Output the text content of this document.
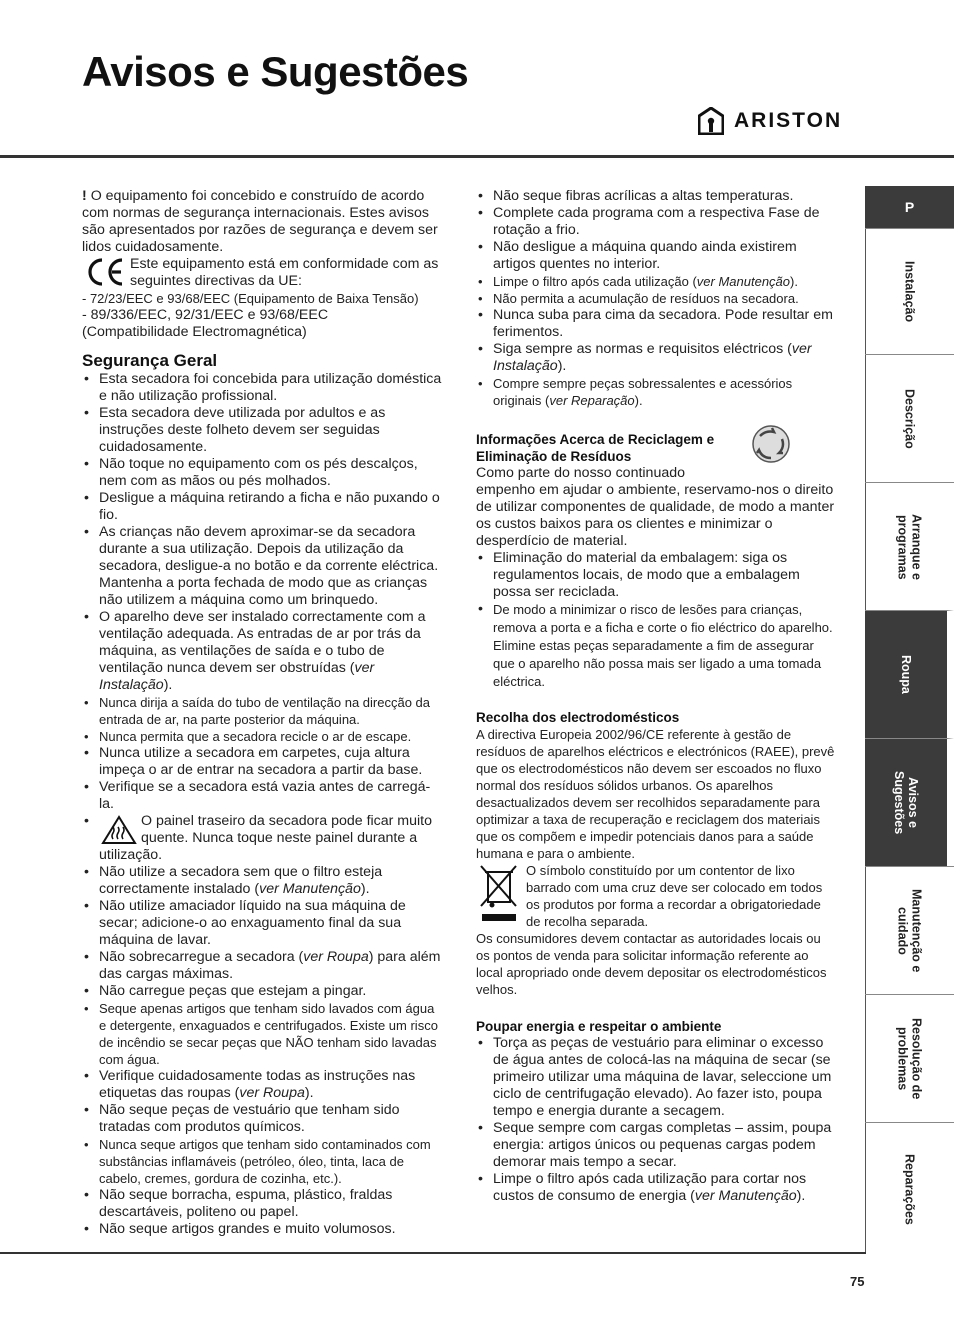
Avisos e Sugestões
ARISTON

! O equipamento foi concebido e construído de acordo com normas de segurança internacionais. Estes avisos são apresentados por razões de segurança e devem ser lidos cuidadosamente.

Este equipamento está em conformidade com as seguintes directivas da UE:

- 72/23/EEC e 93/68/EEC (Equipamento de Baixa Tensão)

- 89/336/EEC, 92/31/EEC e 93/68/EEC

(Compatibilidade Electromagnética)

Segurança Geral
• Esta secadora foi concebida para utilização doméstica e não utilização profissional.
• Esta secadora deve utilizada por adultos e as instruções deste folheto devem ser seguidas cuidadosamente.
• Não toque no equipamento com os pés descalços, nem com as mãos ou pés molhados.
• Desligue a máquina retirando a ficha e não puxando o fio.
• As crianças não devem aproximar-se da secadora durante a sua utilização. Depois da utilização da secadora, desligue-a no botão e da corrente eléctrica. Mantenha a porta fechada de modo que as crianças não utilizem a máquina como um brinquedo.
• O aparelho deve ser instalado correctamente com a ventilação adequada. As entradas de ar por trás da máquina, as ventilações de saída e o tubo de ventilação nunca devem ser obstruídas (ver Instalação).
• Nunca dirija a saída do tubo de ventilação na direcção da entrada de ar, na parte posterior da máquina.
• Nunca permita que a secadora recicle o ar de escape.
• Nunca utilize a secadora em carpetes, cuja altura impeça o ar de entrar na secadora a partir da base.
• Verifique se a secadora está vazia antes de carregá-la.
• O painel traseiro da secadora pode ficar muito quente. Nunca toque neste painel durante a utilização.
• Não utilize a secadora sem que o filtro esteja correctamente instalado (ver Manutenção).
• Não utilize amaciador líquido na sua máquina de secar; adicione-o ao enxaguamento final da sua máquina de lavar.
• Não sobrecarregue a secadora (ver Roupa) para além das cargas máximas.
• Não carregue peças que estejam a pingar.
• Seque apenas artigos que tenham sido lavados com água e detergente, enxaguados e centrifugados. Existe um risco de incêndio se secar peças que NÃO tenham sido lavadas com água.
• Verifique cuidadosamente todas as instruções nas etiquetas das roupas (ver Roupa).
• Não seque peças de vestuário que tenham sido tratadas com produtos químicos.
• Nunca seque artigos que tenham sido contaminados com substâncias inflamáveis (petróleo, óleo, tinta, laca de cabelo, cremes, gordura de cozinha, etc.).
• Não seque borracha, espuma, plástico, fraldas descartáveis, politeno ou papel.
• Não seque artigos grandes e muito volumosos.
• Não seque fibras acrílicas a altas temperaturas.
• Complete cada programa com a respectiva Fase de rotação a frio.
• Não desligue a máquina quando ainda existirem artigos quentes no interior.
• Limpe o filtro após cada utilização (ver Manutenção).
• Não permita a acumulação de resíduos na secadora.
• Nunca suba para cima da secadora. Pode resultar em ferimentos.
• Siga sempre as normas e requisitos eléctricos (ver Instalação).
• Compre sempre peças sobressalentes e acessórios originais (ver Reparação).
Informações Acerca de Reciclagem e Eliminação de Resíduos

Como parte do nosso continuado empenho em ajudar o ambiente, reservamo-nos o direito de utilizar componentes de qualidade, de modo a manter os custos baixos para os clientes e minimizar o desperdício de material.

• Eliminação do material da embalagem: siga os regulamentos locais, de modo que a embalagem possa ser reciclada.
• De modo a minimizar o risco de lesões para crianças, remova a porta e a ficha e corte o fio eléctrico do aparelho. Elimine estas peças separadamente a fim de assegurar que o aparelho não possa mais ser ligado a uma tomada eléctrica.
Recolha dos electrodomésticos

A directiva Europeia 2002/96/CE referente à gestão de resíduos de aparelhos eléctricos e electrónicos (RAEE), prevê que os electrodomésticos não devem ser escoados no fluxo normal dos resíduos sólidos urbanos. Os aparelhos desactualizados devem ser recolhidos separadamente para optimizar a taxa de recuperação e reciclagem dos materiais que os compõem e impedir potenciais danos para a saúde humana e para o ambiente.

O símbolo constituído por um contentor de lixo barrado com uma cruz deve ser colocado em todos os produtos por forma a recordar a obrigatoriedade de recolha separada.

Os consumidores devem contactar as autoridades locais ou os pontos de venda para solicitar informação referente ao local apropriado onde devem depositar os electrodomésticos velhos.

Poupar energia e respeitar o ambiente
• Torça as peças de vestuário para eliminar o excesso de água antes de colocá-las na máquina de secar (se primeiro utilizar uma máquina de lavar, seleccione um ciclo de centrifugação elevado). Ao fazer isto, poupa tempo e energia durante a secagem.
• Seque sempre com cargas completas – assim, poupa energia: artigos únicos ou pequenas cargas podem demorar mais tempo a secar.
• Limpe o filtro após cada utilização para cortar nos custos de consumo de energia (ver Manutenção).
P
Instalação
Descrição
Arranque e programas
Roupa
Avisos e Sugestões
Manutenção e cuidado
Resolução de problemas
Reparações
75
